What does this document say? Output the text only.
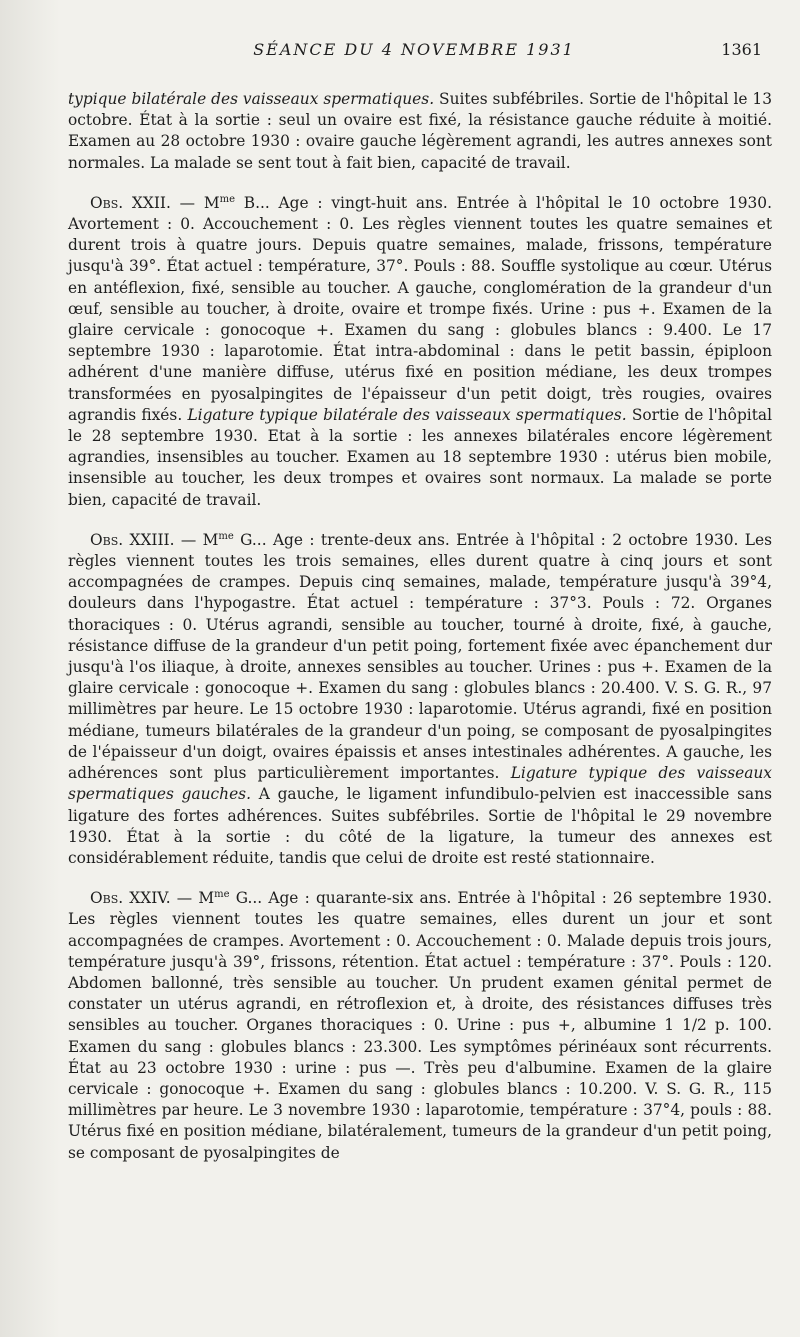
SÉANCE DU 4 NOVEMBRE 1931	1361

typique bilatérale des vaisseaux spermatiques. Suites subfébriles. Sortie de l'hôpital le 13 octobre. État à la sortie : seul un ovaire est fixé, la résistance gauche réduite à moitié. Examen au 28 octobre 1930 : ovaire gauche légèrement agrandi, les autres annexes sont normales. La malade se sent tout à fait bien, capacité de travail.

Obs. XXII. — $M^{me}$ B... Age : vingt-huit ans. Entrée à l'hôpital le 10 octobre 1930. Avortement : 0. Accouchement : 0. Les règles viennent toutes les quatre semaines et durent trois à quatre jours. Depuis quatre semaines, malade, frissons, température jusqu'à 39°. État actuel : température, 37°. Pouls : 88. Souffle systolique au cœur. Utérus en antéflexion, fixé, sensible au toucher. A gauche, conglomération de la grandeur d'un œuf, sensible au toucher, à droite, ovaire et trompe fixés. Urine : pus +. Examen de la glaire cervicale : gonocoque +. Examen du sang : globules blancs : 9.400. Le 17 septembre 1930 : laparotomie. État intra-abdominal : dans le petit bassin, épiploon adhérent d'une manière diffuse, utérus fixé en position médiane, les deux trompes transformées en pyosalpingites de l'épaisseur d'un petit doigt, très rougies, ovaires agrandis fixés. Ligature typique bilatérale des vaisseaux spermatiques. Sortie de l'hôpital le 28 septembre 1930. Etat à la sortie : les annexes bilatérales encore légèrement agrandies, insensibles au toucher. Examen au 18 septembre 1930 : utérus bien mobile, insensible au toucher, les deux trompes et ovaires sont normaux. La malade se porte bien, capacité de travail.

Obs. XXIII. — $M^{me}$ G... Age : trente-deux ans. Entrée à l'hôpital : 2 octobre 1930. Les règles viennent toutes les trois semaines, elles durent quatre à cinq jours et sont accompagnées de crampes. Depuis cinq semaines, malade, température jusqu'à 39°4, douleurs dans l'hypogastre. État actuel : température : 37°3. Pouls : 72. Organes thoraciques : 0. Utérus agrandi, sensible au toucher, tourné à droite, fixé, à gauche, résistance diffuse de la grandeur d'un petit poing, fortement fixée avec épanchement dur jusqu'à l'os iliaque, à droite, annexes sensibles au toucher. Urines : pus +. Examen de la glaire cervicale : gonocoque +. Examen du sang : globules blancs : 20.400. V. S. G. R., 97 millimètres par heure. Le 15 octobre 1930 : laparotomie. Utérus agrandi, fixé en position médiane, tumeurs bilatérales de la grandeur d'un poing, se composant de pyosalpingites de l'épaisseur d'un doigt, ovaires épaissis et anses intestinales adhérentes. A gauche, les adhérences sont plus particulièrement importantes. Ligature typique des vaisseaux spermatiques gauches. A gauche, le ligament infundibulo-pelvien est inaccessible sans ligature des fortes adhérences. Suites subfébriles. Sortie de l'hôpital le 29 novembre 1930. État à la sortie : du côté de la ligature, la tumeur des annexes est considérablement réduite, tandis que celui de droite est resté stationnaire.

Obs. XXIV. — $M^{me}$ G... Age : quarante-six ans. Entrée à l'hôpital : 26 septembre 1930. Les règles viennent toutes les quatre semaines, elles durent un jour et sont accompagnées de crampes. Avortement : 0. Accouchement : 0. Malade depuis trois jours, température jusqu'à 39°, frissons, rétention. État actuel : température : 37°. Pouls : 120. Abdomen ballonné, très sensible au toucher. Un prudent examen génital permet de constater un utérus agrandi, en rétroflexion et, à droite, des résistances diffuses très sensibles au toucher. Organes thoraciques : 0. Urine : pus +, albumine 1 1/2 p. 100. Examen du sang : globules blancs : 23.300. Les symptômes périnéaux sont récurrents. État au 23 octobre 1930 : urine : pus —. Très peu d'albumine. Examen de la glaire cervicale : gonocoque +. Examen du sang : globules blancs : 10.200. V. S. G. R., 115 millimètres par heure. Le 3 novembre 1930 : laparotomie, température : 37°4, pouls : 88. Utérus fixé en position médiane, bilatéralement, tumeurs de la grandeur d'un petit poing, se composant de pyosalpingites de
